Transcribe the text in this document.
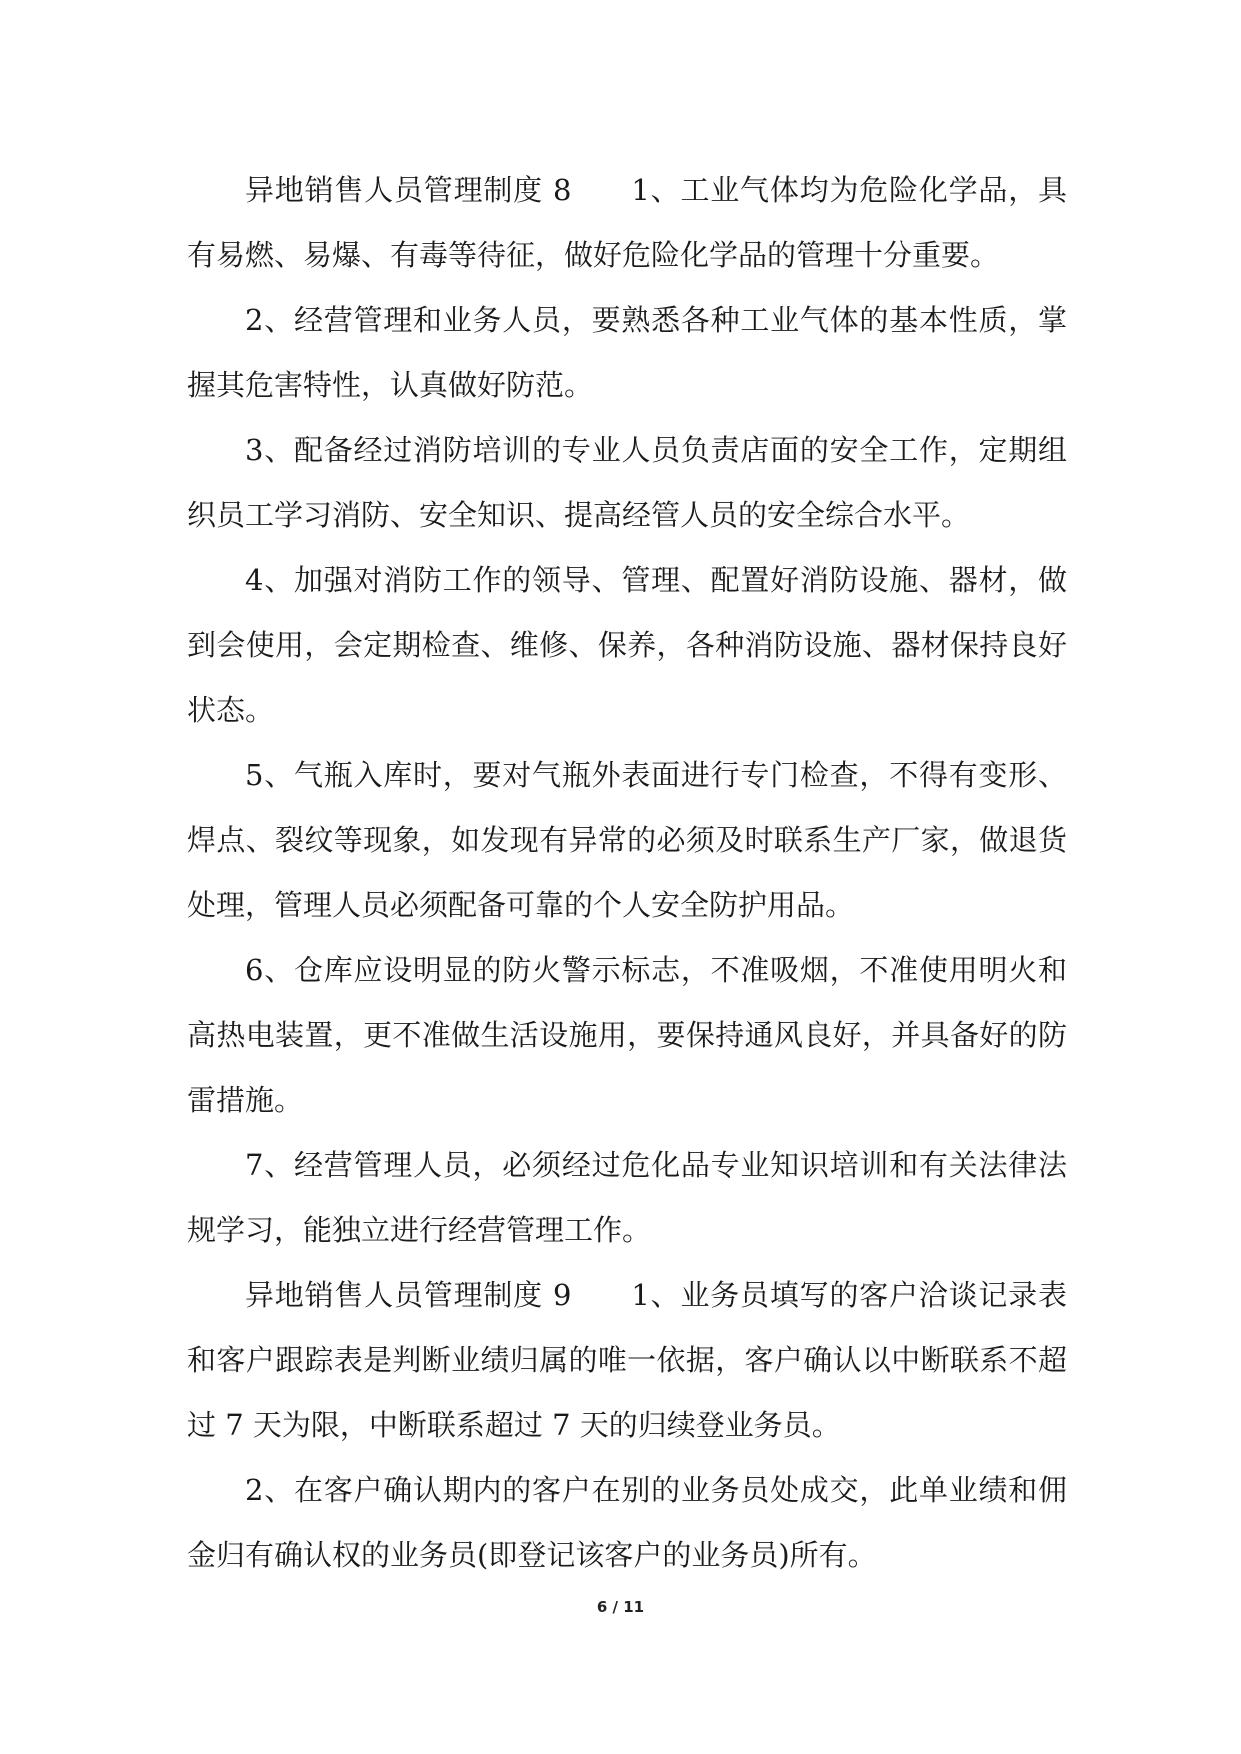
异地销售人员管理制度 8 1、工业气体均为危险化学品，具有易燃、易爆、有毒等待征，做好危险化学品的管理十分重要。

2、经营管理和业务人员，要熟悉各种工业气体的基本性质，掌握其危害特性，认真做好防范。

3、配备经过消防培训的专业人员负责店面的安全工作，定期组织员工学习消防、安全知识、提高经管人员的安全综合水平。

4、加强对消防工作的领导、管理、配置好消防设施、器材，做到会使用，会定期检查、维修、保养，各种消防设施、器材保持良好状态。

5、气瓶入库时，要对气瓶外表面进行专门检查，不得有变形、焊点、裂纹等现象，如发现有异常的必须及时联系生产厂家，做退货处理，管理人员必须配备可靠的个人安全防护用品。

6、仓库应设明显的防火警示标志，不准吸烟，不准使用明火和高热电装置，更不准做生活设施用，要保持通风良好，并具备好的防雷措施。

7、经营管理人员，必须经过危化品专业知识培训和有关法律法规学习，能独立进行经营管理工作。

异地销售人员管理制度 9 1、业务员填写的客户洽谈记录表和客户跟踪表是判断业绩归属的唯一依据，客户确认以中断联系不超过 7 天为限，中断联系超过 7 天的归续登业务员。

2、在客户确认期内的客户在别的业务员处成交，此单业绩和佣金归有确认权的业务员(即登记该客户的业务员)所有。

6 / 11
